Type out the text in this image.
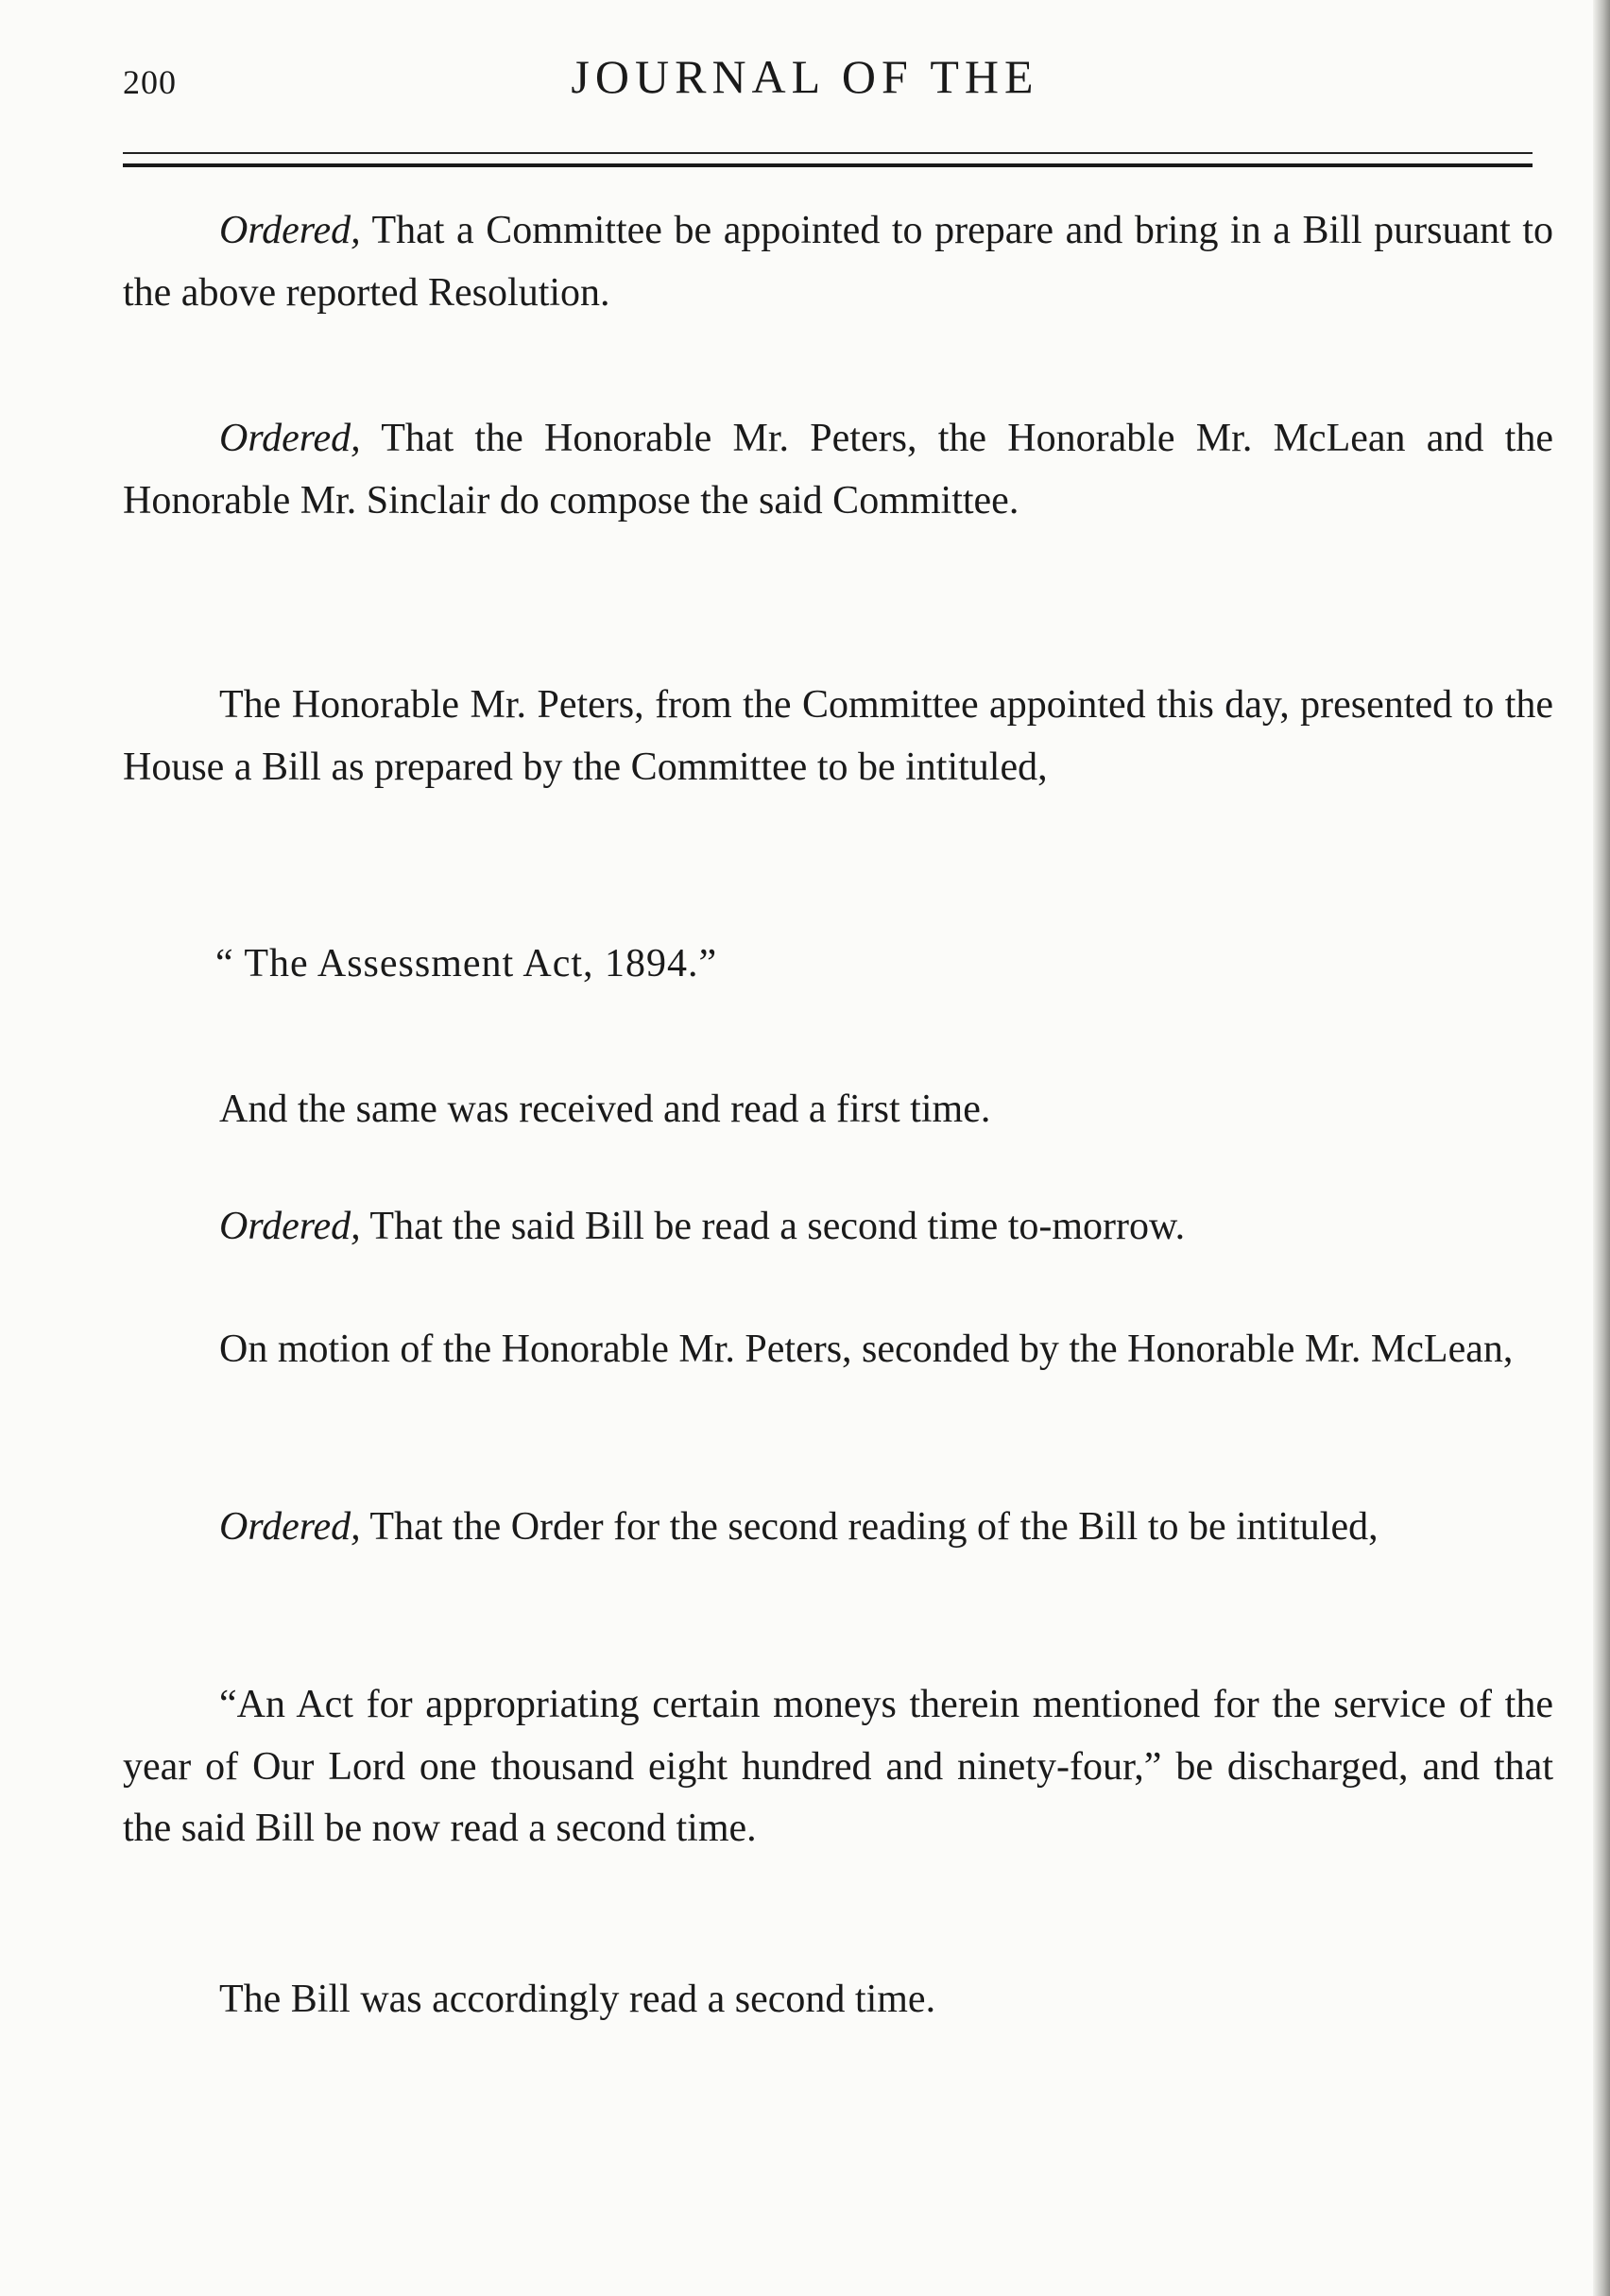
200	JOURNAL OF THE

Ordered, That a Committee be appointed to prepare and bring in a Bill pursuant to the above reported Resolution.

Ordered, That the Honorable Mr. Peters, the Honorable Mr. McLean and the Honorable Mr. Sinclair do compose the said Committee.

The Honorable Mr. Peters, from the Committee appointed this day, presented to the House a Bill as prepared by the Committee to be intituled,

“ The Assessment Act, 1894.”

And the same was received and read a first time.

Ordered, That the said Bill be read a second time to-morrow.

On motion of the Honorable Mr. Peters, seconded by the Honorable Mr. McLean,

Ordered, That the Order for the second reading of the Bill to be intituled,

“An Act for appropriating certain moneys therein mentioned for the service of the year of Our Lord one thousand eight hundred and ninety-four,” be discharged, and that the said Bill be now read a second time.

The Bill was accordingly read a second time.
